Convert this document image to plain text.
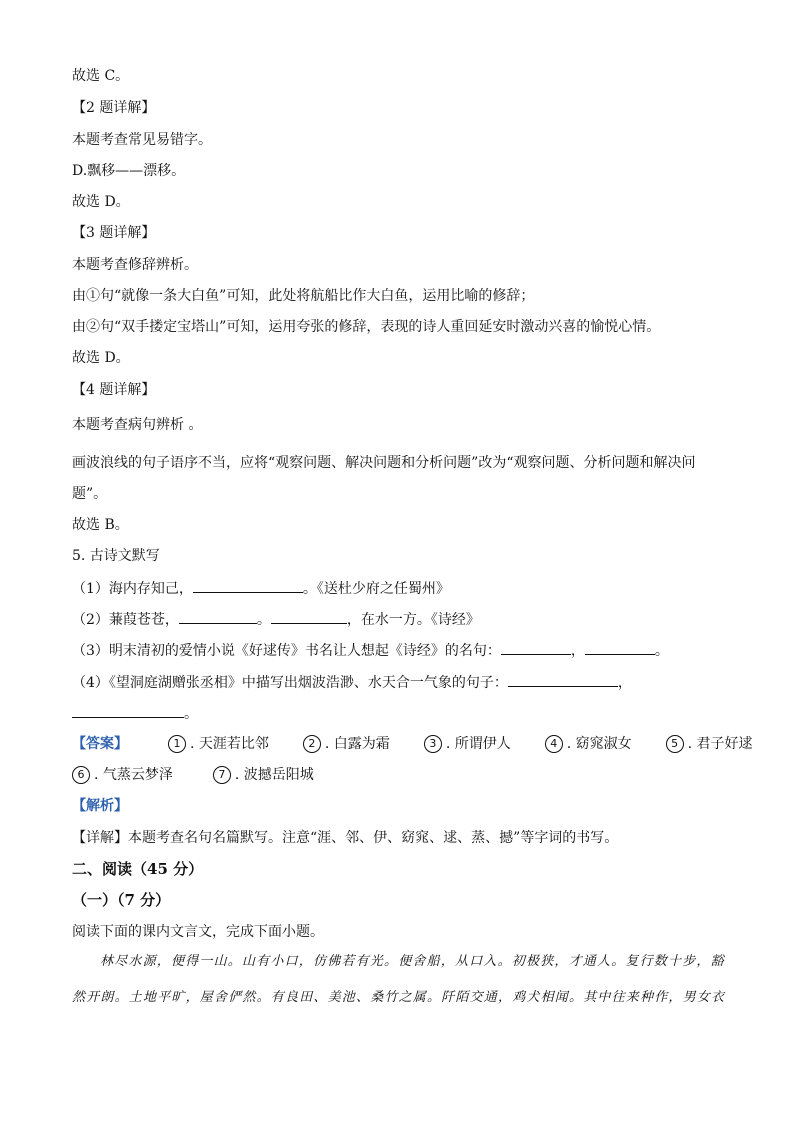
故选 C。
【2 题详解】
本题考查常见易错字。
D.飘移——漂移。
故选 D。
【3 题详解】
本题考查修辞辨析。
由①句“就像一条大白鱼”可知，此处将航船比作大白鱼，运用比喻的修辞；
由②句“双手搂定宝塔山”可知，运用夸张的修辞，表现的诗人重回延安时激动兴喜的愉悦心情。
故选 D。
【4 题详解】
本题考查病句辨析 。
画波浪线的句子语序不当，应将“观察问题、解决问题和分析问题”改为“观察问题、分析问题和解决问
题”。
故选 B。
5. 古诗文默写
（1）海内存知己，	。《送杜少府之任蜀州》
（2）蒹葭苍苍，	。	，在水一方。《诗经》
（3）明末清初的爱情小说《好逑传》书名让人想起《诗经》的名句：	，	。
（4）《望洞庭湖赠张丞相》中描写出烟波浩渺、水天合一气象的句子：	，
。
【答案】	1 . 天涯若比邻	2 . 白露为霜	3 . 所谓伊人	4 . 窈窕淑女	5 . 君子好逑
6 . 气蒸云梦泽	7 . 波撼岳阳城
【解析】
【详解】本题考查名句名篇默写。注意“涯、邻、伊、窈窕、逑、蒸、撼”等字词的书写。
二、阅读（45 分）
（一）（7 分）
阅读下面的课内文言文，完成下面小题。
林尽水源，便得一山。山有小口，仿佛若有光。便舍船，从口入。初极狭，才通人。复行数十步，豁
然开朗。土地平旷，屋舍俨然。有良田、美池、桑竹之属。阡陌交通，鸡犬相闻。其中往来种作，男女衣
